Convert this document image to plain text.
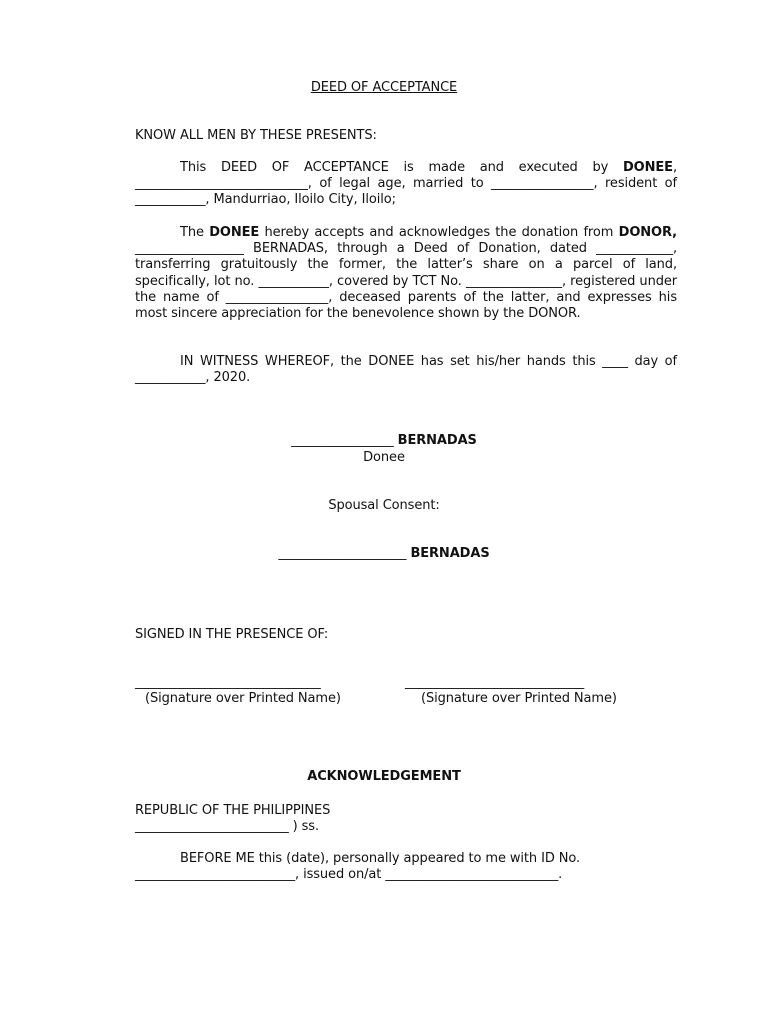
DEED OF ACCEPTANCE
KNOW ALL MEN BY THESE PRESENTS:

This DEED OF ACCEPTANCE is made and executed by DONEE, ___________________________, of legal age, married to ________________, resident of ___________, Mandurriao, Iloilo City, Iloilo;

The DONEE hereby accepts and acknowledges the donation from DONOR, _________________ BERNADAS, through a Deed of Donation, dated ____________, transferring gratuitously the former, the latter’s share on a parcel of land, specifically, lot no. ___________, covered by TCT No. _______________, registered under the name of ________________, deceased parents of the latter, and expresses his most sincere appreciation for the benevolence shown by the DONOR.

IN WITNESS WHEREOF, the DONEE has set his/her hands this ____ day of ___________, 2020.

________________ BERNADAS
Donee
Spousal Consent:
____________________ BERNADAS
SIGNED IN THE PRESENCE OF:
_____________________________
(Signature over Printed Name)
____________________________
(Signature over Printed Name)
ACKNOWLEDGEMENT
REPUBLIC OF THE PHILIPPINES
________________________ ) ss.
BEFORE ME this (date), personally appeared to me with ID No.
_________________________, issued on/at ___________________________.
